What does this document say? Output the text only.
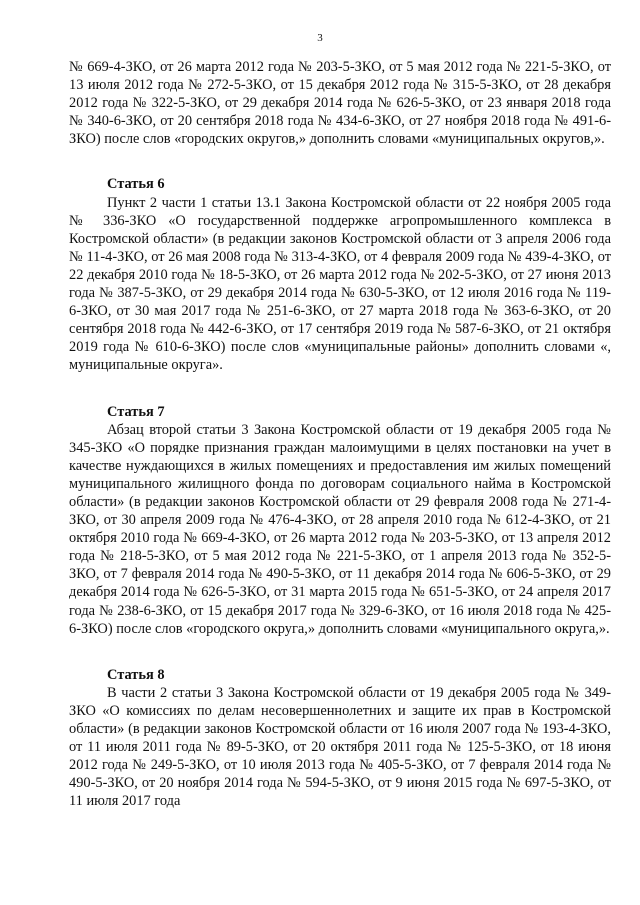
3

№ 669-4-ЗКО, от 26 марта 2012 года № 203-5-ЗКО, от 5 мая 2012 года № 221-5-ЗКО, от 13 июля 2012 года № 272-5-ЗКО, от 15 декабря 2012 года № 315-5-ЗКО, от 28 декабря 2012 года № 322-5-ЗКО, от 29 декабря 2014 года № 626-5-ЗКО, от 23 января 2018 года № 340-6-ЗКО, от 20 сентября 2018 года № 434-6-ЗКО, от 27 ноября 2018 года № 491-6-ЗКО) после слов «городских округов,» дополнить словами «муниципальных округов,».

Статья 6

Пункт 2 части 1 статьи 13.1 Закона Костромской области от 22 ноября 2005 года № 336-ЗКО «О государственной поддержке агропромышленного комплекса в Костромской области» (в редакции законов Костромской области от 3 апреля 2006 года № 11-4-ЗКО, от 26 мая 2008 года № 313-4-ЗКО, от 4 февраля 2009 года № 439-4-ЗКО, от 22 декабря 2010 года № 18-5-ЗКО, от 26 марта 2012 года № 202-5-ЗКО, от 27 июня 2013 года № 387-5-ЗКО, от 29 декабря 2014 года № 630-5-ЗКО, от 12 июля 2016 года № 119-6-ЗКО, от 30 мая 2017 года № 251-6-ЗКО, от 27 марта 2018 года № 363-6-ЗКО, от 20 сентября 2018 года № 442-6-ЗКО, от 17 сентября 2019 года № 587-6-ЗКО, от 21 октября 2019 года № 610-6-ЗКО) после слов «муниципальные районы» дополнить словами «, муниципальные округа».

Статья 7

Абзац второй статьи 3 Закона Костромской области от 19 декабря 2005 года № 345-ЗКО «О порядке признания граждан малоимущими в целях постановки на учет в качестве нуждающихся в жилых помещениях и предоставления им жилых помещений муниципального жилищного фонда по договорам социального найма в Костромской области» (в редакции законов Костромской области от 29 февраля 2008 года № 271-4-ЗКО, от 30 апреля 2009 года № 476-4-ЗКО, от 28 апреля 2010 года № 612-4-ЗКО, от 21 октября 2010 года № 669-4-ЗКО, от 26 марта 2012 года № 203-5-ЗКО, от 13 апреля 2012 года № 218-5-ЗКО, от 5 мая 2012 года № 221-5-ЗКО, от 1 апреля 2013 года № 352-5-ЗКО, от 7 февраля 2014 года № 490-5-ЗКО, от 11 декабря 2014 года № 606-5-ЗКО, от 29 декабря 2014 года № 626-5-ЗКО, от 31 марта 2015 года № 651-5-ЗКО, от 24 апреля 2017 года № 238-6-ЗКО, от 15 декабря 2017 года № 329-6-ЗКО, от 16 июля 2018 года № 425-6-ЗКО) после слов «городского округа,» дополнить словами «муниципального округа,».

Статья 8

В части 2 статьи 3 Закона Костромской области от 19 декабря 2005 года № 349-ЗКО «О комиссиях по делам несовершеннолетних и защите их прав в Костромской области» (в редакции законов Костромской области от 16 июля 2007 года № 193-4-ЗКО, от 11 июля 2011 года № 89-5-ЗКО, от 20 октября 2011 года № 125-5-ЗКО, от 18 июня 2012 года № 249-5-ЗКО, от 10 июля 2013 года № 405-5-ЗКО, от 7 февраля 2014 года № 490-5-ЗКО, от 20 ноября 2014 года № 594-5-ЗКО, от 9 июня 2015 года № 697-5-ЗКО, от 11 июля 2017 года
